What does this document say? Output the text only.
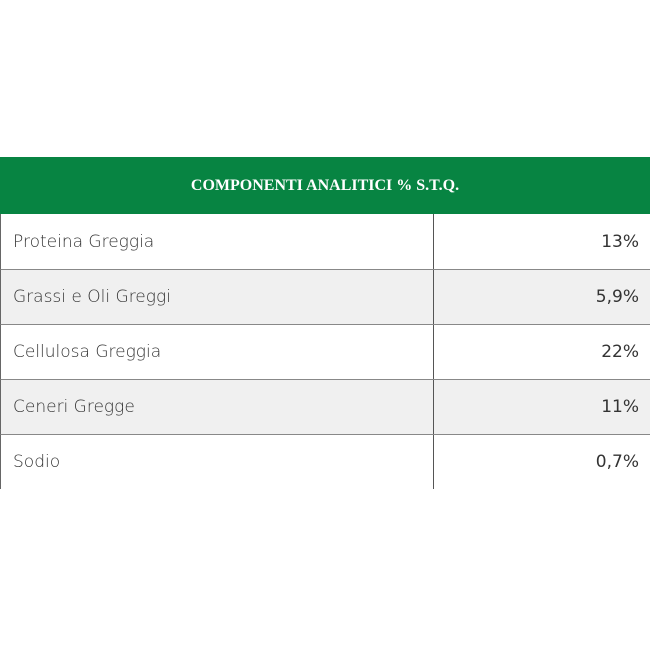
COMPONENTI ANALITICI % S.T.Q.
Proteina Greggia	13%
Grassi e Oli Greggi	5,9%
Cellulosa Greggia	22%
Ceneri Gregge	11%
Sodio	0,7%
